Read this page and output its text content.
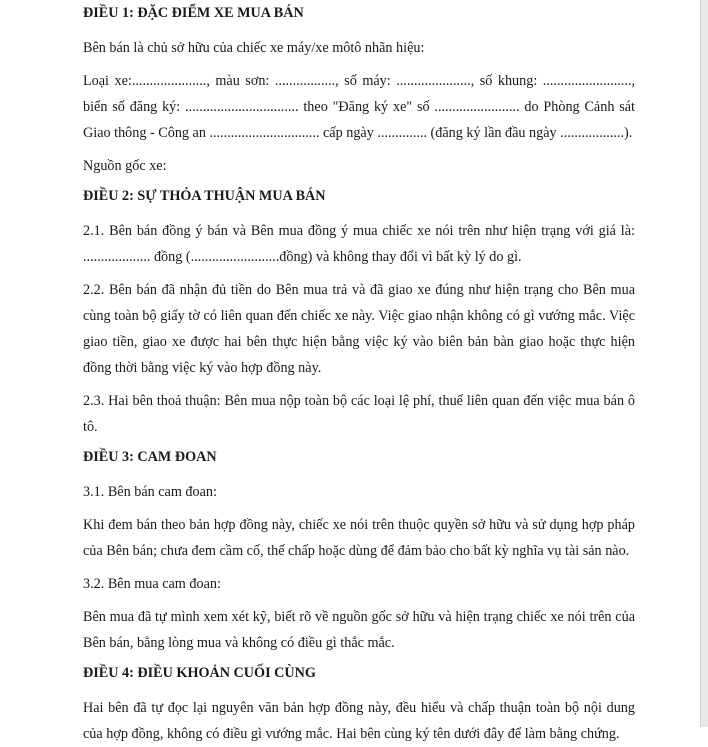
ĐIỀU 1: ĐẶC ĐIỂM XE MUA BÁN
Bên bán là chủ sở hữu của chiếc xe máy/xe môtô nhãn hiệu:
Loại xe:....................., màu sơn: ................., số máy: ....................., số khung: ........................., biển số đăng ký: ................................ theo "Đăng ký xe" số ........................ do Phòng Cảnh sát Giao thông - Công an ............................... cấp ngày .............. (đăng ký lần đầu ngày ..................).
Nguồn gốc xe:
ĐIỀU 2: SỰ THỎA THUẬN MUA BÁN
2.1. Bên bán đồng ý bán và Bên mua đồng ý mua chiếc xe nói trên như hiện trạng với giá là: ................... đồng (.........................đồng) và không thay đổi vì bất kỳ lý do gì.
2.2. Bên bán đã nhận đủ tiền do Bên mua trả và đã giao xe đúng như hiện trạng cho Bên mua cùng toàn bộ giấy tờ có liên quan đến chiếc xe này. Việc giao nhận không có gì vướng mắc. Việc giao tiền, giao xe được hai bên thực hiện bằng việc ký vào biên bản bàn giao hoặc thực hiện đồng thời bằng việc ký vào hợp đồng này.
2.3. Hai bên thoả thuận: Bên mua nộp toàn bộ các loại lệ phí, thuế liên quan đến việc mua bán ô tô.
ĐIỀU 3: CAM ĐOAN
3.1. Bên bán cam đoan:
Khi đem bán theo bản hợp đồng này, chiếc xe nói trên thuộc quyền sở hữu và sử dụng hợp pháp của Bên bán; chưa đem cầm cố, thế chấp hoặc dùng để đảm bảo cho bất kỳ nghĩa vụ tài sản nào.
3.2. Bên mua cam đoan:
Bên mua đã tự mình xem xét kỹ, biết rõ về nguồn gốc sở hữu và hiện trạng chiếc xe nói trên của Bên bán, bằng lòng mua và không có điều gì thắc mắc.
ĐIỀU 4: ĐIỀU KHOẢN CUỐI CÙNG
Hai bên đã tự đọc lại nguyên văn bản hợp đồng này, đều hiểu và chấp thuận toàn bộ nội dung của hợp đồng, không có điều gì vướng mắc. Hai bên cùng ký tên dưới đây để làm bằng chứng.
